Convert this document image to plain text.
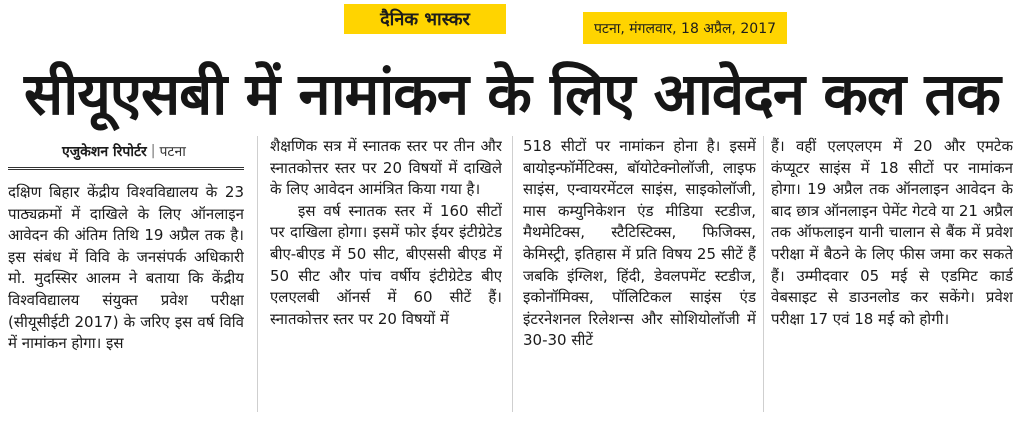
दैनिक भास्कर	पटना, मंगलवार, 18 अप्रैल, 2017
सीयूएसबी में नामांकन के लिए आवेदन कल तक
एजुकेशन रिपोर्टर | पटना

दक्षिण बिहार केंद्रीय विश्वविद्यालय के 23 पाठ्यक्रमों में दाखिले के लिए ऑनलाइन आवेदन की अंतिम तिथि 19 अप्रैल तक है। इस संबंध में विवि के जनसंपर्क अधिकारी मो. मुदस्सिर आलम ने बताया कि केंद्रीय विश्वविद्यालय संयुक्त प्रवेश परीक्षा (सीयूसीईटी 2017) के जरिए इस वर्ष विवि में नामांकन होगा। इस

शैक्षणिक सत्र में स्नातक स्तर पर तीन और स्नातकोत्तर स्तर पर 20 विषयों में दाखिले के लिए आवेदन आमंत्रित किया गया है।

इस वर्ष स्नातक स्तर में 160 सीटों पर दाखिला होगा। इसमें फोर ईयर इंटीग्रेटेड बीए-बीएड में 50 सीट, बीएससी बीएड में 50 सीट और पांच वर्षीय इंटीग्रेटेड बीए एलएलबी ऑनर्स में 60 सीटें हैं। स्नातकोत्तर स्तर पर 20 विषयों में

518 सीटों पर नामांकन होना है। इसमें बायोइन्फॉर्मेटिक्स, बॉयोटेक्नोलॉजी, लाइफ साइंस, एन्वायरमेंटल साइंस, साइकोलॉजी, मास कम्युनिकेशन एंड मीडिया स्टडीज, मैथमेटिक्स, स्टैटिस्टिक्स, फिजिक्स, केमिस्ट्री, इतिहास में प्रति विषय 25 सीटें हैं जबकि इंग्लिश, हिंदी, डेवलपमेंट स्टडीज, इकोनॉमिक्स, पॉलिटिकल साइंस एंड इंटरनेशनल रिलेशन्स और सोशियोलॉजी में 30-30 सीटें

हैं। वहीं एलएलएम में 20 और एमटेक कंप्यूटर साइंस में 18 सीटों पर नामांकन होगा। 19 अप्रैल तक ऑनलाइन आवेदन के बाद छात्र ऑनलाइन पेमेंट गेटवे या 21 अप्रैल तक ऑफलाइन यानी चालान से बैंक में प्रवेश परीक्षा में बैठने के लिए फीस जमा कर सकते हैं। उम्मीदवार 05 मई से एडमिट कार्ड वेबसाइट से डाउनलोड कर सकेंगे। प्रवेश परीक्षा 17 एवं 18 मई को होगी।
